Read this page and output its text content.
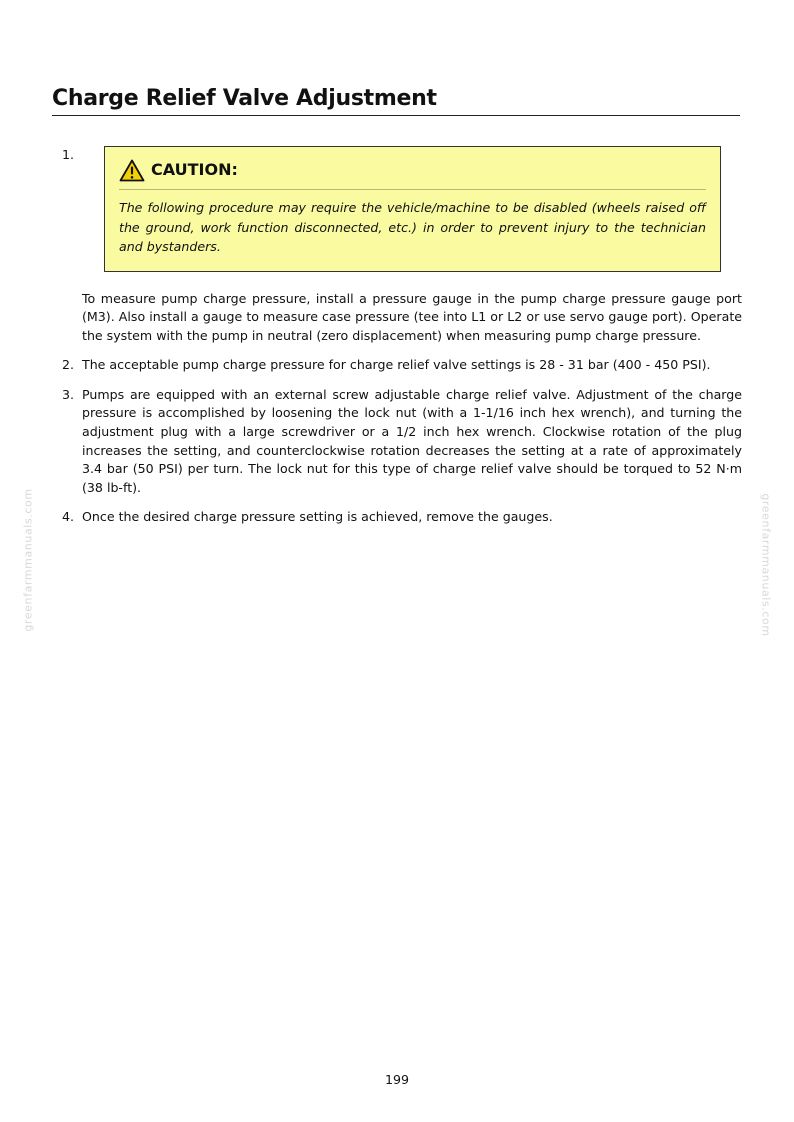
Charge Relief Valve Adjustment
1.
CAUTION:
The following procedure may require the vehicle/machine to be disabled (wheels raised off the ground, work function disconnected, etc.) in order to prevent injury to the technician and bystanders.
To measure pump charge pressure, install a pressure gauge in the pump charge pressure gauge port (M3). Also install a gauge to measure case pressure (tee into L1 or L2 or use servo gauge port). Operate the system with the pump in neutral (zero displacement) when measuring pump charge pressure.
2. The acceptable pump charge pressure for charge relief valve settings is 28 - 31 bar (400 - 450 PSI).
3. Pumps are equipped with an external screw adjustable charge relief valve. Adjustment of the charge pressure is accomplished by loosening the lock nut (with a 1-1/16 inch hex wrench), and turning the adjustment plug with a large screwdriver or a 1/2 inch hex wrench. Clockwise rotation of the plug increases the setting, and counterclockwise rotation decreases the setting at a rate of approximately 3.4 bar (50 PSI) per turn. The lock nut for this type of charge relief valve should be torqued to 52 N·m (38 lb-ft).
4. Once the desired charge pressure setting is achieved, remove the gauges.
greenfarmmanuals.com	greenfarmmanuals.com
199
